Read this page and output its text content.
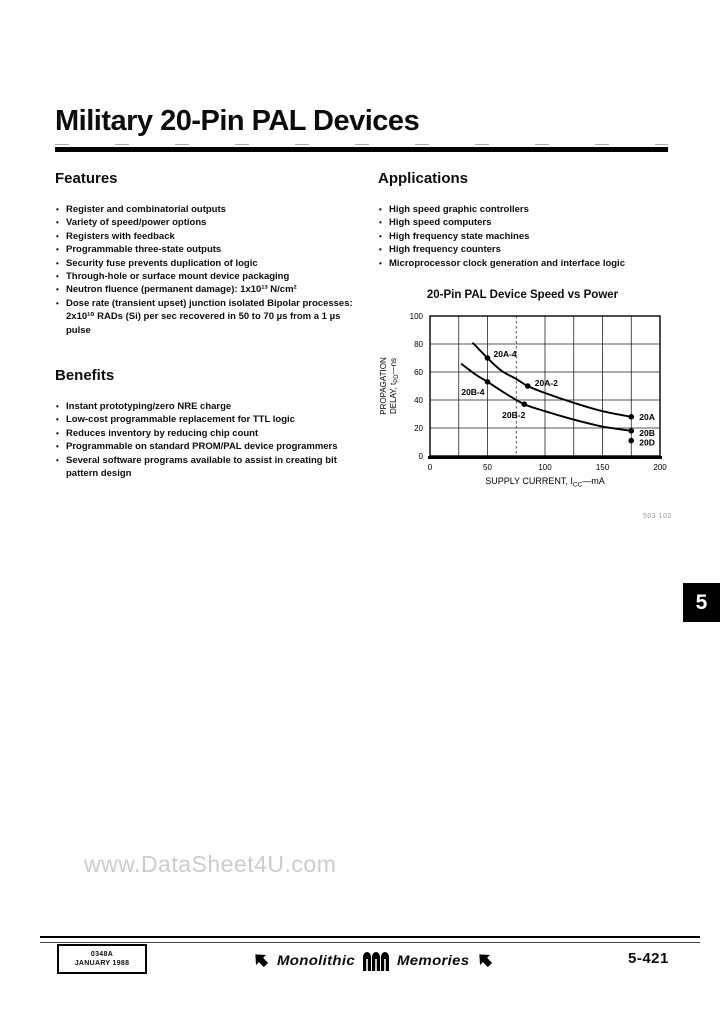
Military 20-Pin PAL Devices
Features
• Register and combinatorial outputs
• Variety of speed/power options
• Registers with feedback
• Programmable three-state outputs
• Security fuse prevents duplication of logic
• Through-hole or surface mount device packaging
• Neutron fluence (permanent damage): 1x10¹³ N/cm²
• Dose rate (transient upset) junction isolated Bipolar processes: 2x10¹⁰ RADs (Si) per sec recovered in 50 to 70 µs from a 1 µs pulse
Benefits
• Instant prototyping/zero NRE charge
• Low-cost programmable replacement for TTL logic
• Reduces inventory by reducing chip count
• Programmable on standard PROM/PAL device programmers
• Several software programs available to assist in creating bit pattern design
Applications
• High speed graphic controllers
• High speed computers
• High frequency state machines
• High frequency counters
• Microprocessor clock generation and interface logic
20-Pin PAL Device Speed vs Power
20A-4
20A-2
20A
20B-4
20B-2
20B
20D
0
20
40
60
80
100
0	50	100	150	200
SUPPLY CURRENT, $I_{CC}—mA$
PROPAGATION DELAY, $t_{PD}—ns$
503 102
5
www.DataSheet4U.com
0348A
JANUARY 1988	Monolithic	Memories	5-421
